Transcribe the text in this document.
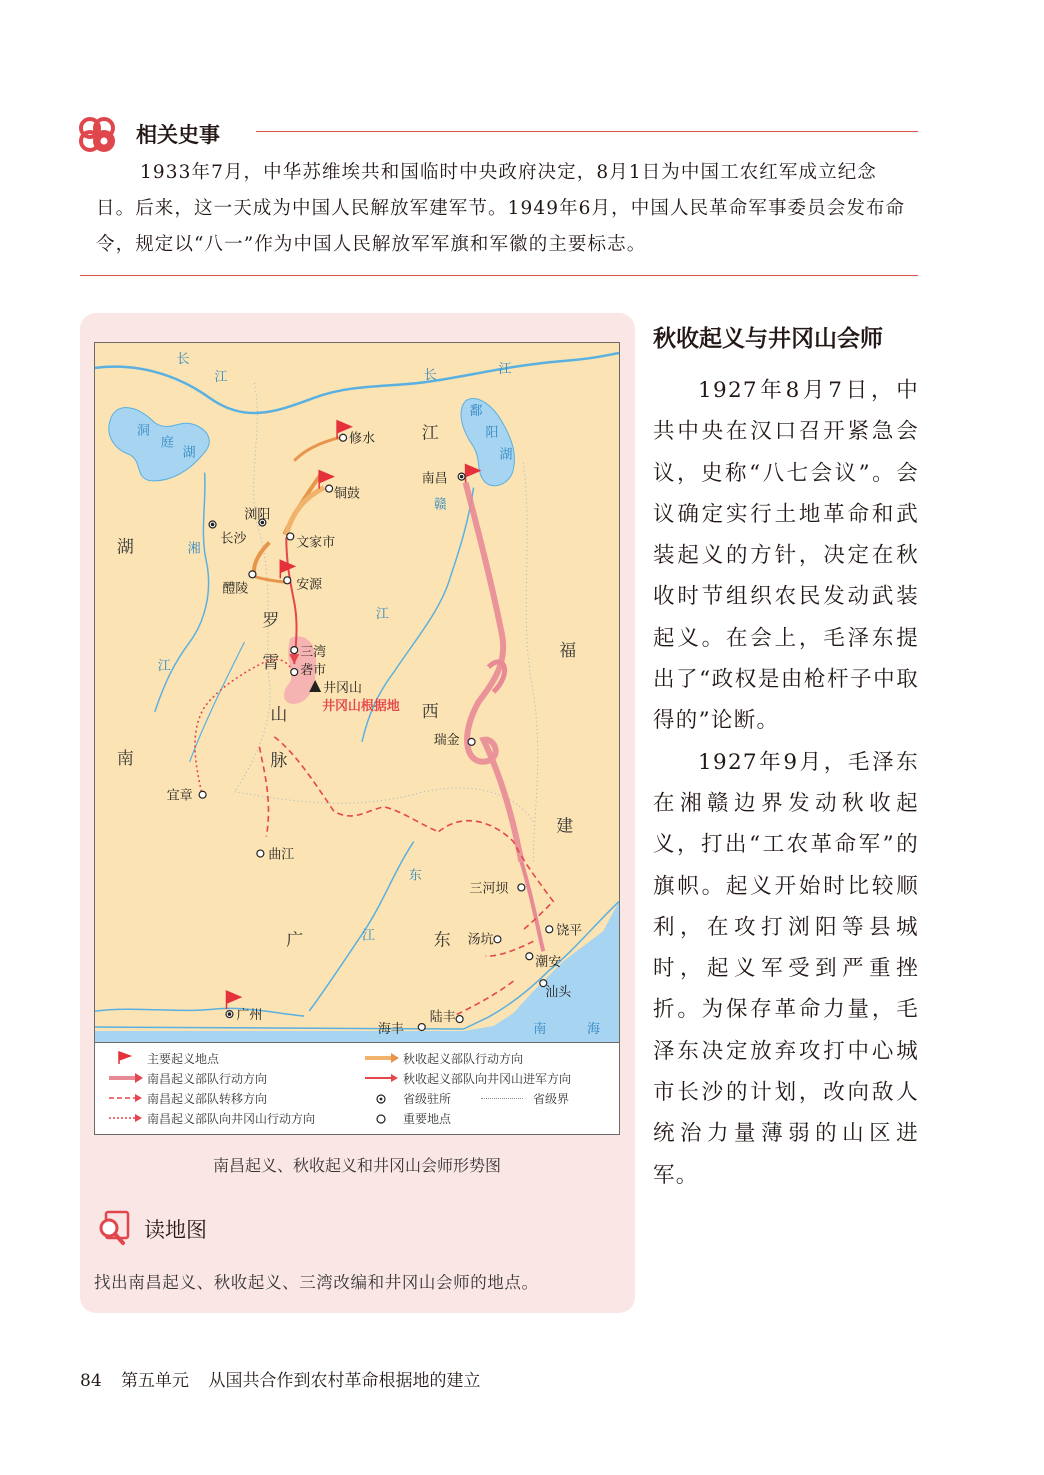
相关史事

1933年7月，中华苏维埃共和国临时中央政府决定，8月1日为中国工农红军成立纪念日。后来，这一天成为中国人民解放军建军节。1949年6月，中国人民革命军事委员会发布命令，规定以“八一”作为中国人民解放军军旗和军徽的主要标志。

长
江	长	江
洞
庭
湖
鄱
阳
湖
湘
江
赣
江
东
江
南	海
湖
南
江
西
福
建
广	东
罗
霄
山
脉
修水
铜鼓
浏阳
长沙	文家市
醴陵	安源
三湾
砻市
井冈山
井冈山根据地
南昌
瑞金
宜章
曲江
三河坝
饶平
汤坑
潮安
汕头
广州
海丰
陆丰
主要起义地点
南昌起义部队行动方向
南昌起义部队转移方向
南昌起义部队向井冈山行动方向
秋收起义部队行动方向
秋收起义部队向井冈山进军方向
省级驻所	省级界
重要地点
南昌起义、秋收起义和井冈山会师形势图
读地图
找出南昌起义、秋收起义、三湾改编和井冈山会师的地点。
秋收起义与井冈山会师

1927年8月7日，中共中央在汉口召开紧急会议，史称“八七会议”。会议确定实行土地革命和武装起义的方针，决定在秋收时节组织农民发动武装起义。在会上，毛泽东提出了“政权是由枪杆子中取得的”论断。

1927年9月，毛泽东在湘赣边界发动秋收起义，打出“工农革命军”的旗帜。起义开始时比较顺利，在攻打浏阳等县城时，起义军受到严重挫折。为保存革命力量，毛泽东决定放弃攻打中心城市长沙的计划，改向敌人统治力量薄弱的山区进军。

84 第五单元 从国共合作到农村革命根据地的建立
